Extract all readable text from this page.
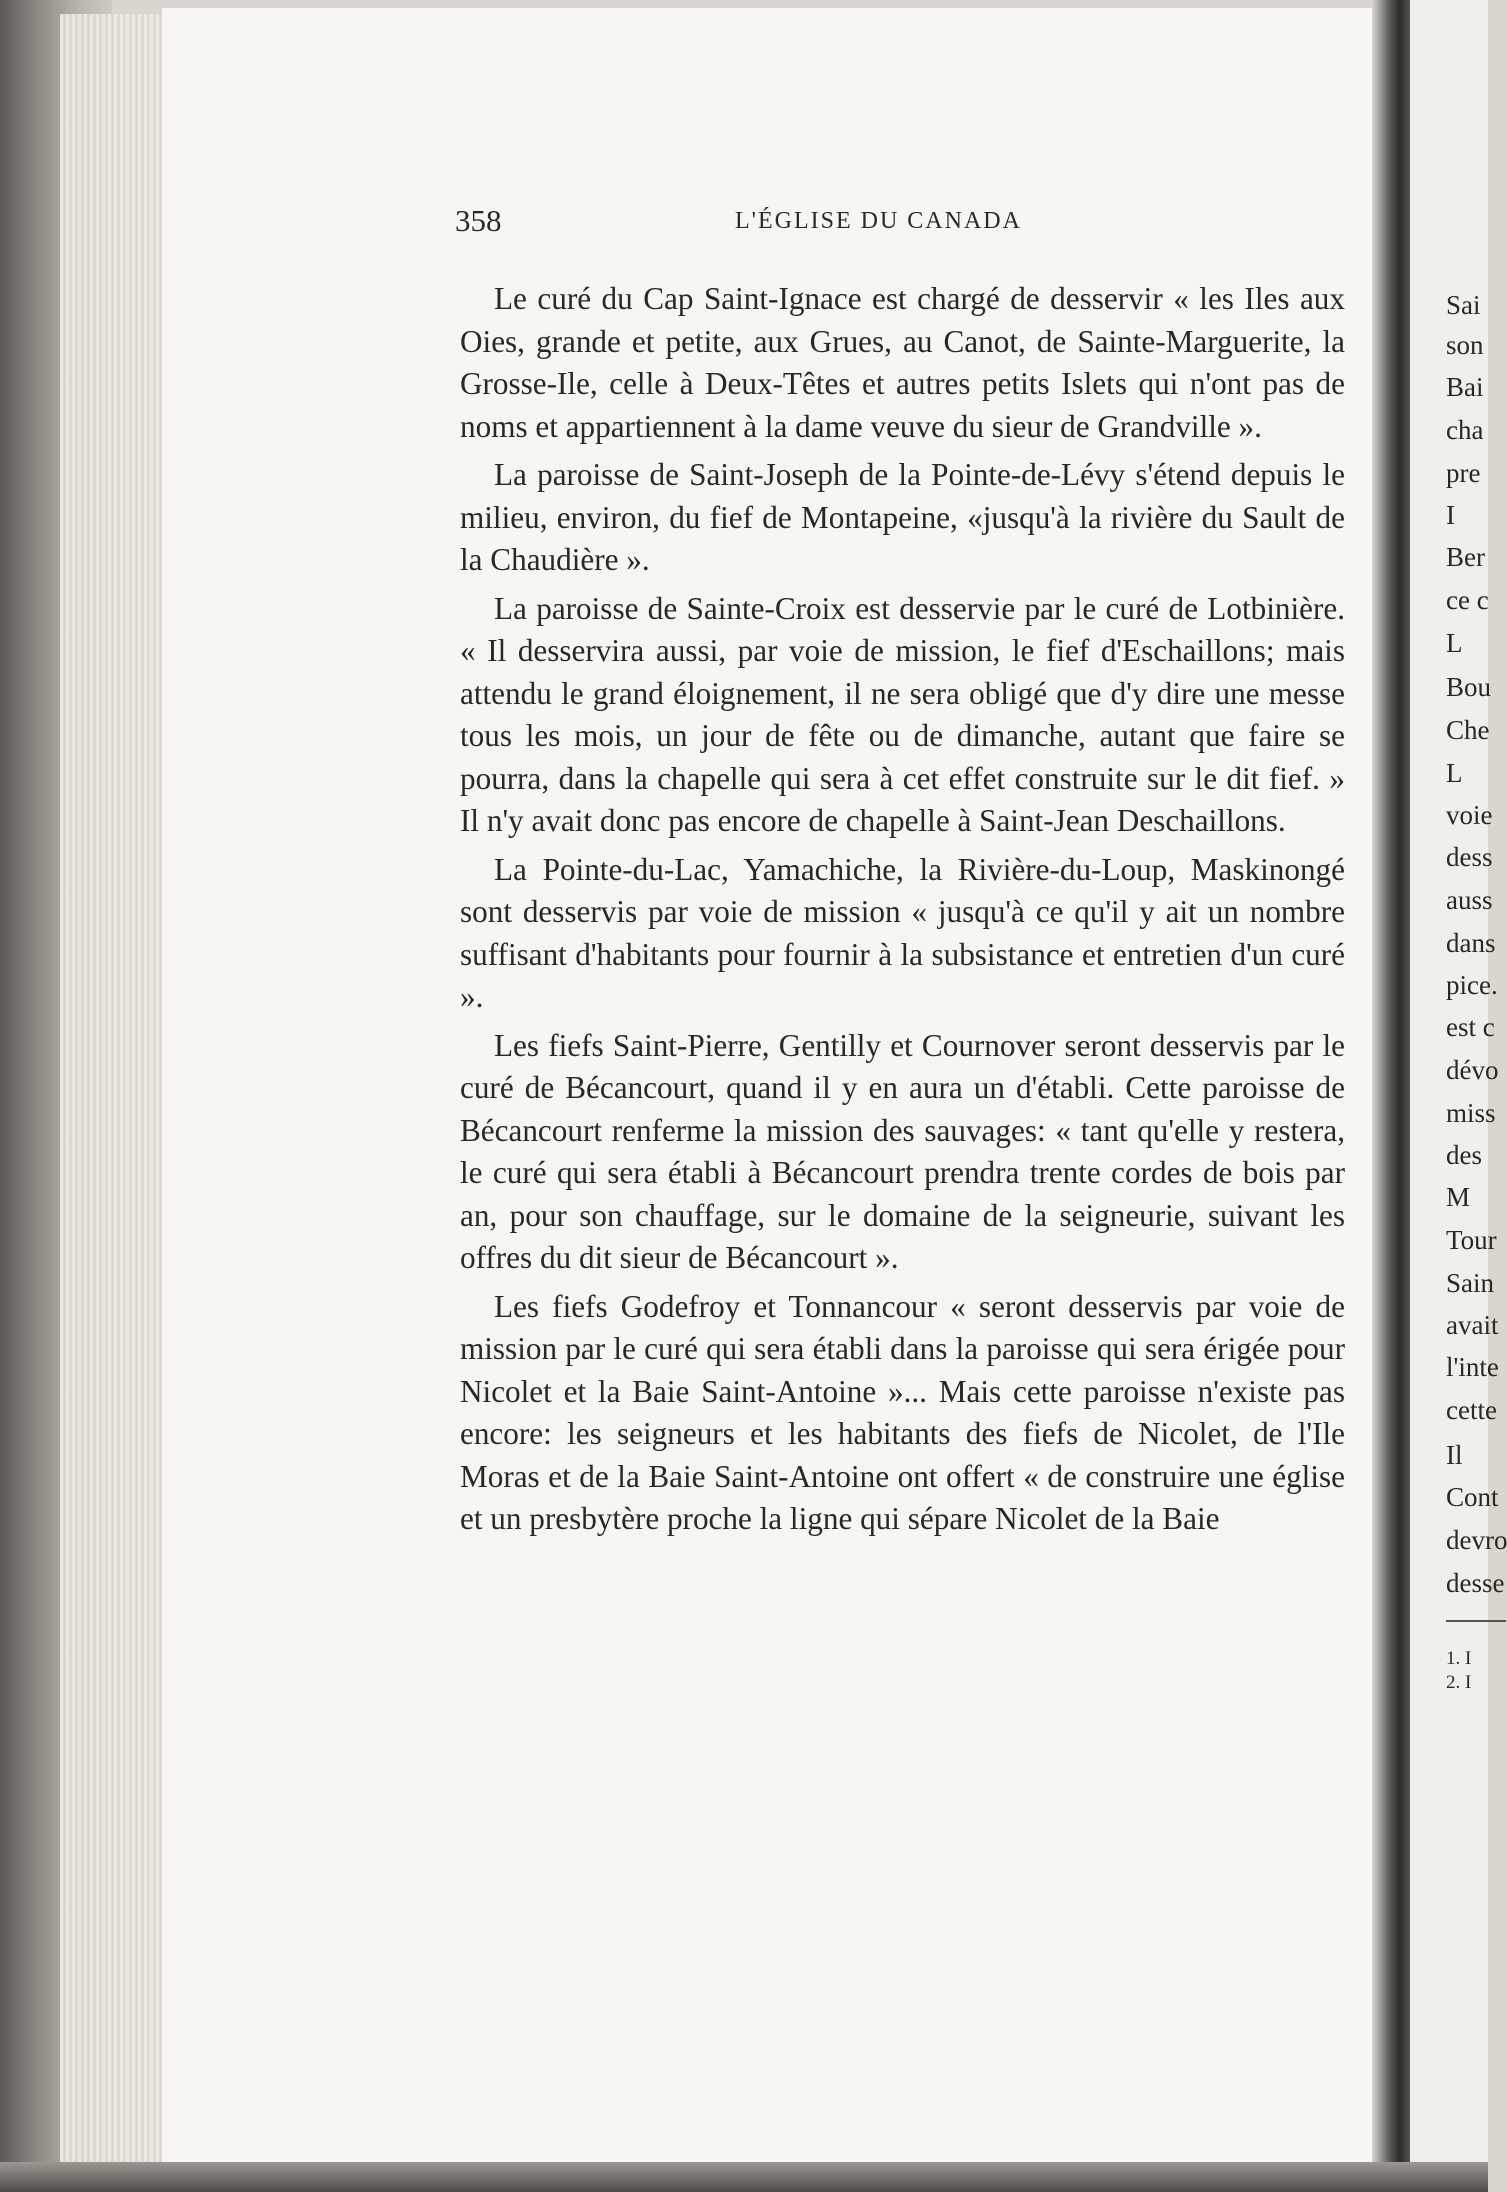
358	L'ÉGLISE DU CANADA

Le curé du Cap Saint-Ignace est chargé de desservir « les Iles aux Oies, grande et petite, aux Grues, au Canot, de Sainte-Marguerite, la Grosse-Ile, celle à Deux-Têtes et autres petits Islets qui n'ont pas de noms et appartiennent à la dame veuve du sieur de Grandville ».

La paroisse de Saint-Joseph de la Pointe-de-Lévy s'étend depuis le milieu, environ, du fief de Montapeine, «jusqu'à la rivière du Sault de la Chaudière ».

La paroisse de Sainte-Croix est desservie par le curé de Lotbinière. « Il desservira aussi, par voie de mission, le fief d'Eschaillons; mais attendu le grand éloignement, il ne sera obligé que d'y dire une messe tous les mois, un jour de fête ou de dimanche, autant que faire se pourra, dans la chapelle qui sera à cet effet construite sur le dit fief. » Il n'y avait donc pas encore de chapelle à Saint-Jean Deschaillons.

La Pointe-du-Lac, Yamachiche, la Rivière-du-Loup, Maskinongé sont desservis par voie de mission « jusqu'à ce qu'il y ait un nombre suffisant d'habitants pour fournir à la subsistance et entretien d'un curé ».

Les fiefs Saint-Pierre, Gentilly et Cournover seront desservis par le curé de Bécancourt, quand il y en aura un d'établi. Cette paroisse de Bécancourt renferme la mission des sauvages: « tant qu'elle y restera, le curé qui sera établi à Bécancourt prendra trente cordes de bois par an, pour son chauffage, sur le domaine de la seigneurie, suivant les offres du dit sieur de Bécancourt ».

Les fiefs Godefroy et Tonnancour « seront desservis par voie de mission par le curé qui sera établi dans la paroisse qui sera érigée pour Nicolet et la Baie Saint-Antoine »... Mais cette paroisse n'existe pas encore: les seigneurs et les habitants des fiefs de Nicolet, de l'Ile Moras et de la Baie Saint-Antoine ont offert « de construire une église et un presbytère proche la ligne qui sépare Nicolet de la Baie

Sai
son
Bai
cha
pre
I
Ber
ce c
L
Bou
Che
L
voie
dess
auss
dans
pice.
est c
dévo
miss
des
M
Tour
Sain
avait
l'inte
cette
Il
Cont
devro
desse
1. I
2. I
